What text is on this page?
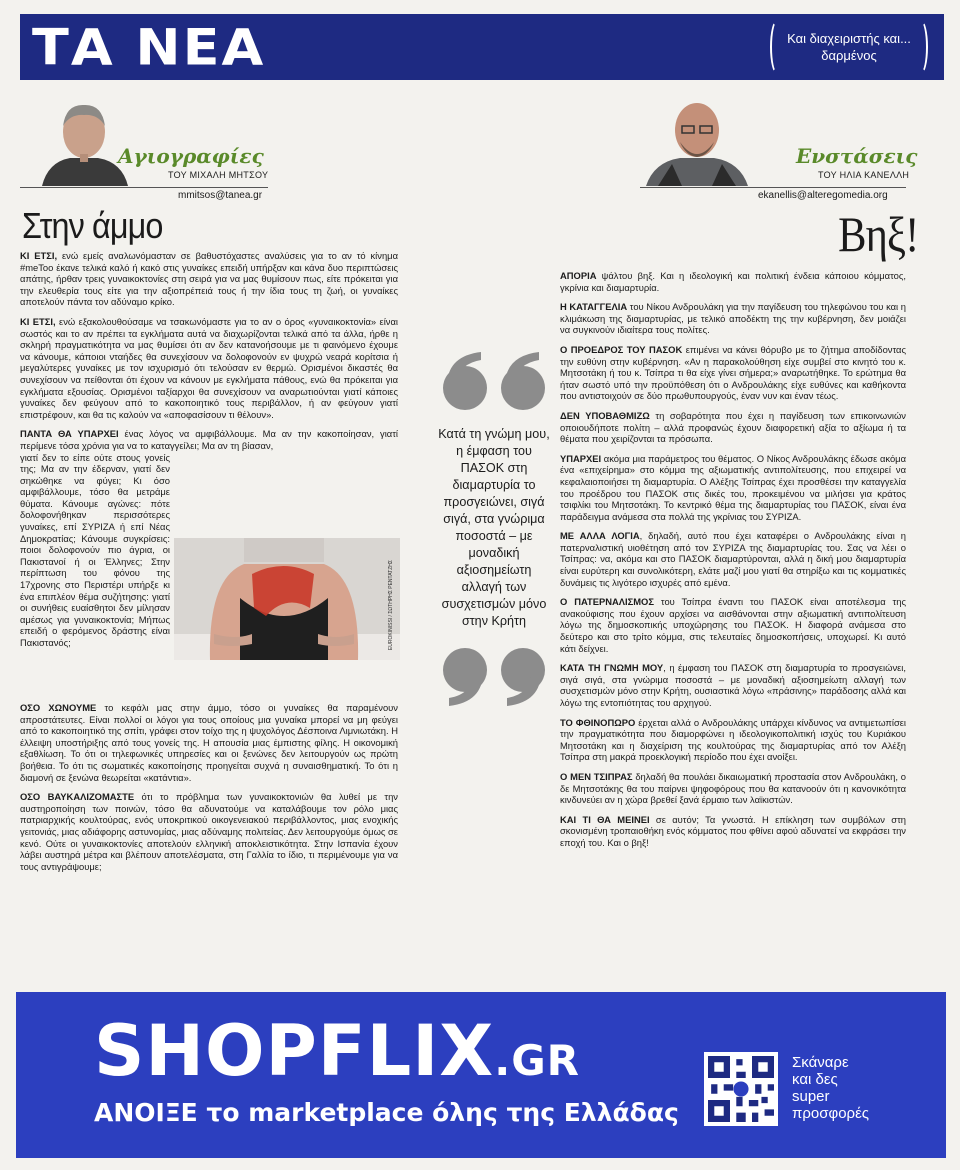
ΤΑ ΝΕΑ	Και διαχειριστής και... δαρμένος
Αγιογραφίες
ΤΟΥ ΜΙΧΑΛΗ ΜΗΤΣΟΥ
mmitsos@tanea.gr
Στην άμμο
Ενστάσεις
ΤΟΥ ΗΛΙΑ ΚΑΝΕΛΛΗ
ekanellis@alteregomedia.org
Βηξ!

ΚΙ ΕΤΣΙ, ενώ εμείς αναλωνόμασταν σε βαθυστόχαστες αναλύσεις για το αν τό κίνημα #meToo έκανε τελικά καλό ή κακό στις γυναίκες επειδή υπήρξαν και κάνα δυο περιπτώσεις απάτης, ήρθαν τρεις γυναικοκτονίες στη σειρά για να μας θυμίσουν πως, είτε πρόκειται για την ελευθερία τους είτε για την αξιοπρέπειά τους ή την ίδια τους τη ζωή, οι γυναίκες αποτελούν πάντα τον αδύναμο κρίκο.

ΚΙ ΕΤΣΙ, ενώ εξακολουθούσαμε να τσακωνόμαστε για το αν ο όρος «γυναικοκτονία» είναι σωστός και το αν πρέπει τα εγκλήματα αυτά να διαχωρίζονται τελικά από τα άλλα, ήρθε η σκληρή πραγματικότητα να μας θυμίσει ότι αν δεν κατανοήσουμε με τι φαινόμενο έχουμε να κάνουμε, κάποιοι νταήδες θα συνεχίσουν να δολοφονούν εν ψυχρώ νεαρά κορίτσια ή μεγαλύτερες γυναίκες με τον ισχυρισμό ότι τελούσαν εν θερμώ. Ορισμένοι δικαστές θα συνεχίσουν να πείθονται ότι έχουν να κάνουν με εγκλήματα πάθους, ενώ θα πρόκειται για εγκλήματα εξουσίας. Ορισμένοι ταξίαρχοι θα συνεχίσουν να αναρωτιούνται γιατί κάποιες γυναίκες δεν φεύγουν από το κακοποιητικό τους περιβάλλον, ή αν φεύγουν γιατί επιστρέφουν, και θα τις καλούν να «αποφασίσουν τι θέλουν».

ΠΑΝΤΑ ΘΑ ΥΠΑΡΧΕΙ ένας λόγος να αμφιβάλλουμε. Μα αν την κακοποίησαν, γιατί περίμενε τόσα χρόνια για να το καταγγείλει; Μα αν τη βίασαν,

γιατί δεν το είπε ούτε στους γονείς της; Μα αν την έδερναν, γιατί δεν σηκώθηκε να φύγει; Κι όσο αμφιβάλλουμε, τόσο θα μετράμε θύματα. Κάνουμε αγώνες: πότε δολοφονήθηκαν περισσότερες γυναίκες, επί ΣΥΡΙΖΑ ή επί Νέας Δημοκρατίας; Κάνουμε συγκρίσεις: ποιοι δολοφονούν πιο άγρια, οι Πακιστανοί ή οι Έλληνες; Στην περίπτωση του φόνου της 17χρονης στο Περιστέρι υπήρξε κι ένα επιπλέον θέμα συζήτησης: γιατί οι συνήθεις ευαίσθητοι δεν μίλησαν αμέσως για γυναικοκτονία; Μήπως επειδή ο φερόμενος δράστης είναι Πακιστανός;	EUROKINISSI / ΣΩΤΗΡΗΣ ΡΕΝΤΑΤΖΗΣ

ΟΣΟ ΧΩΝΟΥΜΕ το κεφάλι μας στην άμμο, τόσο οι γυναίκες θα παραμένουν απροστάτευτες. Είναι πολλοί οι λόγοι για τους οποίους μια γυναίκα μπορεί να μη φεύγει από το κακοποιητικό της σπίτι, γράφει στον τοίχο της η ψυχολόγος Δέσποινα Λιμνιωτάκη. Η έλλειψη υποστήριξης από τους γονείς της. Η απουσία μιας έμπιστης φίλης. Η οικονομική εξαθλίωση. Το ότι οι τηλεφωνικές υπηρεσίες και οι ξενώνες δεν λειτουργούν ως πρώτη βοήθεια. Το ότι τις σωματικές κακοποίησης προηγείται συχνά η συναισθηματική. Το ότι η διαμονή σε ξενώνα θεωρείται «κατάντια».

ΟΣΟ ΒΑΥΚΑΛΙΖΟΜΑΣΤΕ ότι το πρόβλημα των γυναικοκτονιών θα λυθεί με την αυστηροποίηση των ποινών, τόσο θα αδυνατούμε να καταλάβουμε τον ρόλο μιας πατριαρχικής κουλτούρας, ενός υποκριτικού οικογενειακού περιβάλλοντος, μιας ενοχικής γειτονιάς, μιας αδιάφορης αστυνομίας, μιας αδύναμης πολιτείας. Δεν λειτουργούμε όμως σε κενό. Ούτε οι γυναικοκτονίες αποτελούν ελληνική αποκλειστικότητα. Στην Ισπανία έχουν λάβει αυστηρά μέτρα και βλέπουν αποτελέσματα, στη Γαλλία το ίδιο, τι περιμένουμε για να τους αντιγράψουμε;

Κατά τη γνώμη μου, η έμφαση του ΠΑΣΟΚ στη διαμαρτυρία το προσγειώνει, σιγά σιγά, στα γνώριμα ποσοστά – με μοναδική αξιοσημείωτη αλλαγή των συσχετισμών μόνο στην Κρήτη

ΑΠΟΡΙΑ ψάλτου βηξ. Και η ιδεολογική και πολιτική ένδεια κάποιου κόμματος, γκρίνια και διαμαρτυρία.

Η ΚΑΤΑΓΓΕΛΙΑ του Νίκου Ανδρουλάκη για την παγίδευση του τηλεφώνου του και η κλιμάκωση της διαμαρτυρίας, με τελικό αποδέκτη της την κυβέρνηση, δεν μοιάζει να συγκινούν ιδιαίτερα τους πολίτες.

Ο ΠΡΟΕΔΡΟΣ ΤΟΥ ΠΑΣΟΚ επιμένει να κάνει θόρυβο με το ζήτημα αποδίδοντας την ευθύνη στην κυβέρνηση. «Αν η παρακολούθηση είχε συμβεί στο κινητό του κ. Μητσοτάκη ή του κ. Τσίπρα τι θα είχε γίνει σήμερα;» αναρωτήθηκε. Το ερώτημα θα ήταν σωστό υπό την προϋπόθεση ότι ο Ανδρουλάκης είχε ευθύνες και καθήκοντα που αντιστοιχούν σε δύο πρωθυπουργούς, έναν νυν και έναν τέως.

ΔΕΝ ΥΠΟΒΑΘΜΙΖΩ τη σοβαρότητα που έχει η παγίδευση των επικοινωνιών οποιουδήποτε πολίτη – αλλά προφανώς έχουν διαφορετική αξία το αξίωμα ή τα θέματα που χειρίζονται τα πρόσωπα.

ΥΠΑΡΧΕΙ ακόμα μια παράμετρος του θέματος. Ο Νίκος Ανδρουλάκης έδωσε ακόμα ένα «επιχείρημα» στο κόμμα της αξιωματικής αντιπολίτευσης, που επιχειρεί να κεφαλαιοποιήσει τη διαμαρτυρία. Ο Αλέξης Τσίπρας έχει προσθέσει την καταγγελία του προέδρου του ΠΑΣΟΚ στις δικές του, προκειμένου να μιλήσει για κράτος τσιφλίκι του Μητσοτάκη. Το κεντρικό θέμα της διαμαρτυρίας του ΠΑΣΟΚ, είναι ένα παράδειγμα ανάμεσα στα πολλά της γκρίνιας του ΣΥΡΙΖΑ.

ΜΕ ΑΛΛΑ ΛΟΓΙΑ, δηλαδή, αυτό που έχει καταφέρει ο Ανδρουλάκης είναι η πατερναλιστική υιοθέτηση από τον ΣΥΡΙΖΑ της διαμαρτυρίας του. Σας να λέει ο Τσίπρας: να, ακόμα και στο ΠΑΣΟΚ διαμαρτύρονται, αλλά η δική μου διαμαρτυρία είναι ευρύτερη και συνολικότερη, ελάτε μαζί μου γιατί θα στηρίξω και τις κομματικές δυνάμεις τις λιγότερο ισχυρές από εμένα.

Ο ΠΑΤΕΡΝΑΛΙΣΜΟΣ του Τσίπρα έναντι του ΠΑΣΟΚ είναι αποτέλεσμα της ανακούφισης που έχουν αρχίσει να αισθάνονται στην αξιωματική αντιπολίτευση λόγω της δημοσκοπικής υποχώρησης του ΠΑΣΟΚ. Η διαφορά ανάμεσα στο δεύτερο και στο τρίτο κόμμα, στις τελευταίες δημοσκοπήσεις, υποχωρεί. Κι αυτό κάτι δείχνει.

ΚΑΤΑ ΤΗ ΓΝΩΜΗ ΜΟΥ, η έμφαση του ΠΑΣΟΚ στη διαμαρτυρία το προσγειώνει, σιγά σιγά, στα γνώριμα ποσοστά – με μοναδική αξιοσημείωτη αλλαγή των συσχετισμών μόνο στην Κρήτη, ουσιαστικά λόγω «πράσινης» παράδοσης αλλά και λόγω της εντοπιότητας του αρχηγού.

ΤΟ ΦΘΙΝΟΠΩΡΟ έρχεται αλλά ο Ανδρουλάκης υπάρχει κίνδυνος να αντιμετωπίσει την πραγματικότητα που διαμορφώνει η ιδεολογικοπολιτική ισχύς του Κυριάκου Μητσοτάκη και η διαχείριση της κουλτούρας της διαμαρτυρίας από τον Αλέξη Τσίπρα στη μακρά προεκλογική περίοδο που έχει ανοίξει.

Ο ΜΕΝ ΤΣΙΠΡΑΣ δηλαδή θα πουλάει δικαιωματική προστασία στον Ανδρουλάκη, ο δε Μητσοτάκης θα του παίρνει ψηφοφόρους που θα κατανοούν ότι η κανονικότητα κινδυνεύει αν η χώρα βρεθεί ξανά έρμαιο των λαϊκιστών.

ΚΑΙ ΤΙ ΘΑ ΜΕΙΝΕΙ σε αυτόν; Τα γνωστά. Η επίκληση των συμβόλων στη σκονισμένη τροπαιοθήκη ενός κόμματος που φθίνει αφού αδυνατεί να εκφράσει την εποχή του. Και ο βηξ!

SHOPFLIX.GR
ΑΝΟΙΞΕ το marketplace όλης της Ελλάδας
Σκάναρε
και δες
super
προσφορές
